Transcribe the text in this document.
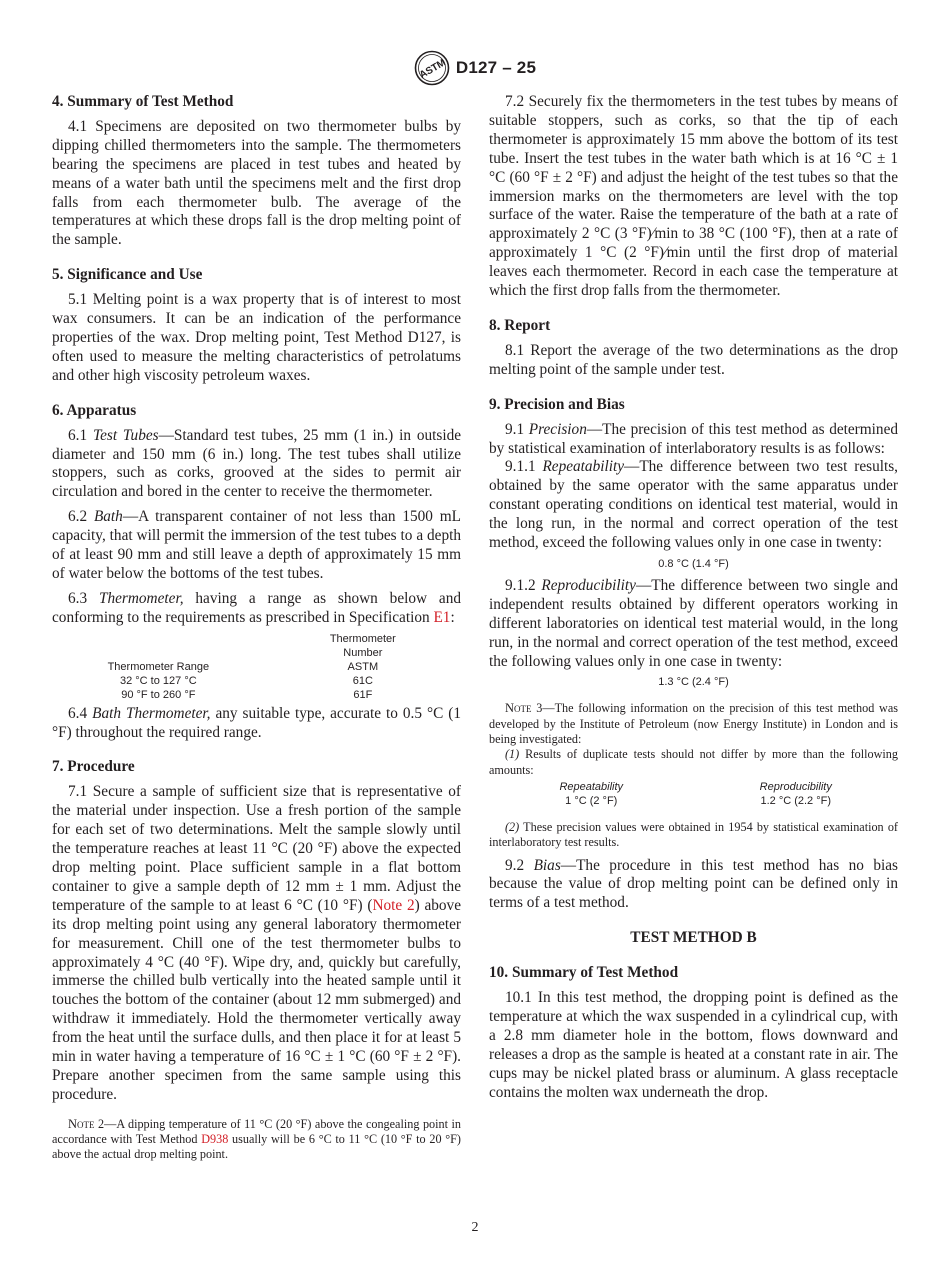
ASTM D127 – 25
4. Summary of Test Method

4.1 Specimens are deposited on two thermometer bulbs by dipping chilled thermometers into the sample. The thermometers bearing the specimens are placed in test tubes and heated by means of a water bath until the specimens melt and the first drop falls from each thermometer bulb. The average of the temperatures at which these drops fall is the drop melting point of the sample.

5. Significance and Use

5.1 Melting point is a wax property that is of interest to most wax consumers. It can be an indication of the performance properties of the wax. Drop melting point, Test Method D127, is often used to measure the melting characteristics of petrolatums and other high viscosity petroleum waxes.

6. Apparatus

6.1 Test Tubes—Standard test tubes, 25 mm (1 in.) in outside diameter and 150 mm (6 in.) long. The test tubes shall utilize stoppers, such as corks, grooved at the sides to permit air circulation and bored in the center to receive the thermometer.

6.2 Bath—A transparent container of not less than 1500 mL capacity, that will permit the immersion of the test tubes to a depth of at least 90 mm and still leave a depth of approximately 15 mm of water below the bottoms of the test tubes.

6.3 Thermometer, having a range as shown below and conforming to the requirements as prescribed in Specification E1:

	Thermometer
	Number
Thermometer Range	ASTM
32 °C to 127 °C	61C
90 °F to 260 °F	61F

6.4 Bath Thermometer, any suitable type, accurate to 0.5 °C (1 °F) throughout the required range.

7. Procedure

7.1 Secure a sample of sufficient size that is representative of the material under inspection. Use a fresh portion of the sample for each set of two determinations. Melt the sample slowly until the temperature reaches at least 11 °C (20 °F) above the expected drop melting point. Place sufficient sample in a flat bottom container to give a sample depth of 12 mm ± 1 mm. Adjust the temperature of the sample to at least 6 °C (10 °F) (Note 2) above its drop melting point using any general laboratory thermometer for measurement. Chill one of the test thermometer bulbs to approximately 4 °C (40 °F). Wipe dry, and, quickly but carefully, immerse the chilled bulb vertically into the heated sample until it touches the bottom of the container (about 12 mm submerged) and withdraw it immediately. Hold the thermometer vertically away from the heat until the surface dulls, and then place it for at least 5 min in water having a temperature of 16 °C ± 1 °C (60 °F ± 2 °F). Prepare another specimen from the same sample using this procedure.

Note 2—A dipping temperature of 11 °C (20 °F) above the congealing point in accordance with Test Method D938 usually will be 6 °C to 11 °C (10 °F to 20 °F) above the actual drop melting point.

7.2 Securely fix the thermometers in the test tubes by means of suitable stoppers, such as corks, so that the tip of each thermometer is approximately 15 mm above the bottom of its test tube. Insert the test tubes in the water bath which is at 16 °C ± 1 °C (60 °F ± 2 °F) and adjust the height of the test tubes so that the immersion marks on the thermometers are level with the top surface of the water. Raise the temperature of the bath at a rate of approximately 2 °C (3 °F)⁄min to 38 °C (100 °F), then at a rate of approximately 1 °C (2 °F)⁄min until the first drop of material leaves each thermometer. Record in each case the temperature at which the first drop falls from the thermometer.

8. Report

8.1 Report the average of the two determinations as the drop melting point of the sample under test.

9. Precision and Bias

9.1 Precision—The precision of this test method as determined by statistical examination of interlaboratory results is as follows:

9.1.1 Repeatability—The difference between two test results, obtained by the same operator with the same apparatus under constant operating conditions on identical test material, would in the long run, in the normal and correct operation of the test method, exceed the following values only in one case in twenty:

0.8 °C (1.4 °F)

9.1.2 Reproducibility—The difference between two single and independent results obtained by different operators working in different laboratories on identical test material would, in the long run, in the normal and correct operation of the test method, exceed the following values only in one case in twenty:

1.3 °C (2.4 °F)

Note 3—The following information on the precision of this test method was developed by the Institute of Petroleum (now Energy Institute) in London and is being investigated:

(1) Results of duplicate tests should not differ by more than the following amounts:

Repeatability	Reproducibility
1 °C (2 °F)	1.2 °C (2.2 °F)

(2) These precision values were obtained in 1954 by statistical examination of interlaboratory test results.

9.2 Bias—The procedure in this test method has no bias because the value of drop melting point can be defined only in terms of a test method.

TEST METHOD B
10. Summary of Test Method

10.1 In this test method, the dropping point is defined as the temperature at which the wax suspended in a cylindrical cup, with a 2.8 mm diameter hole in the bottom, flows downward and releases a drop as the sample is heated at a constant rate in air. The cups may be nickel plated brass or aluminum. A glass receptacle contains the molten wax underneath the drop.

2
